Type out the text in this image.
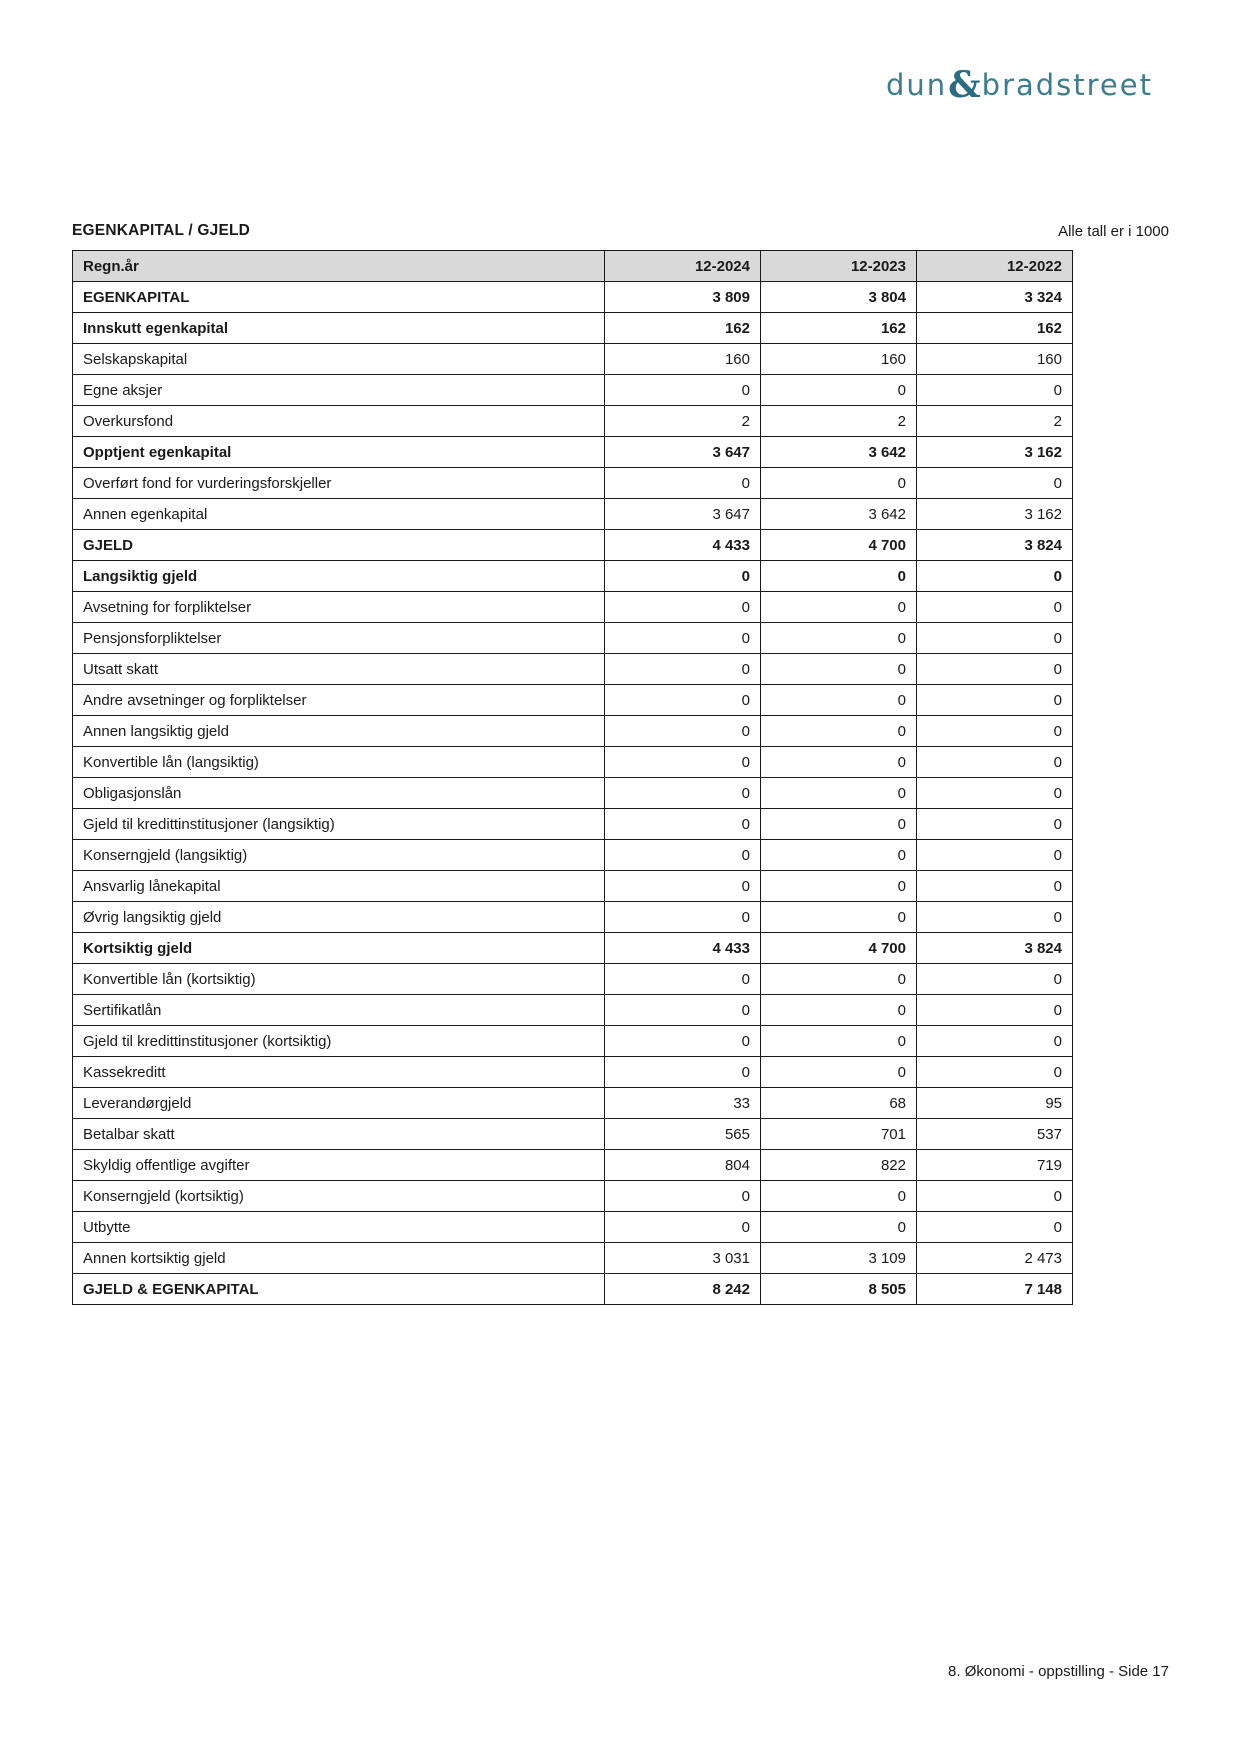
dun & bradstreet
EGENKAPITAL / GJELD	Alle tall er i 1000
Regn.år	12-2024	12-2023	12-2022
EGENKAPITAL	3 809	3 804	3 324
Innskutt egenkapital	162	162	162
Selskapskapital	160	160	160
Egne aksjer	0	0	0
Overkursfond	2	2	2
Opptjent egenkapital	3 647	3 642	3 162
Overført fond for vurderingsforskjeller	0	0	0
Annen egenkapital	3 647	3 642	3 162
GJELD	4 433	4 700	3 824
Langsiktig gjeld	0	0	0
Avsetning for forpliktelser	0	0	0
Pensjonsforpliktelser	0	0	0
Utsatt skatt	0	0	0
Andre avsetninger og forpliktelser	0	0	0
Annen langsiktig gjeld	0	0	0
Konvertible lån (langsiktig)	0	0	0
Obligasjonslån	0	0	0
Gjeld til kredittinstitusjoner (langsiktig)	0	0	0
Konserngjeld (langsiktig)	0	0	0
Ansvarlig lånekapital	0	0	0
Øvrig langsiktig gjeld	0	0	0
Kortsiktig gjeld	4 433	4 700	3 824
Konvertible lån (kortsiktig)	0	0	0
Sertifikatlån	0	0	0
Gjeld til kredittinstitusjoner (kortsiktig)	0	0	0
Kassekreditt	0	0	0
Leverandørgjeld	33	68	95
Betalbar skatt	565	701	537
Skyldig offentlige avgifter	804	822	719
Konserngjeld (kortsiktig)	0	0	0
Utbytte	0	0	0
Annen kortsiktig gjeld	3 031	3 109	2 473
GJELD & EGENKAPITAL	8 242	8 505	7 148
8. Økonomi - oppstilling - Side 17
